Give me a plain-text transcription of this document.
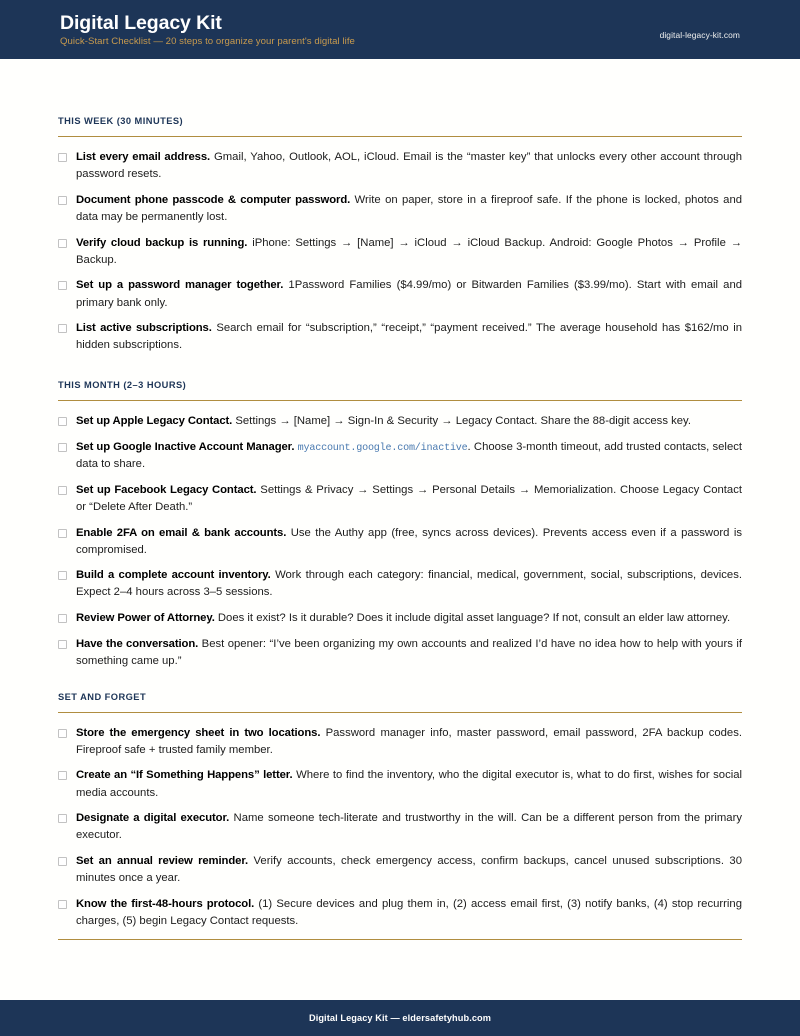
Digital Legacy Kit
Quick-Start Checklist — 20 steps to organize your parent's digital life
digital-legacy-kit.com
THIS WEEK (30 MINUTES)
List every email address. Gmail, Yahoo, Outlook, AOL, iCloud. Email is the “master key” that unlocks every other account through password resets.
Document phone passcode & computer password. Write on paper, store in a fireproof safe. If the phone is locked, photos and data may be permanently lost.
Verify cloud backup is running. iPhone: Settings → [Name] → iCloud → iCloud Backup. Android: Google Photos → Profile → Backup.
Set up a password manager together. 1Password Families ($4.99/mo) or Bitwarden Families ($3.99/mo). Start with email and primary bank only.
List active subscriptions. Search email for “subscription,” “receipt,” “payment received.” The average household has $162/mo in hidden subscriptions.
THIS MONTH (2–3 HOURS)
Set up Apple Legacy Contact. Settings → [Name] → Sign-In & Security → Legacy Contact. Share the 88-digit access key.
Set up Google Inactive Account Manager. myaccount.google.com/inactive. Choose 3-month timeout, add trusted contacts, select data to share.
Set up Facebook Legacy Contact. Settings & Privacy → Settings → Personal Details → Memorialization. Choose Legacy Contact or “Delete After Death.”
Enable 2FA on email & bank accounts. Use the Authy app (free, syncs across devices). Prevents access even if a password is compromised.
Build a complete account inventory. Work through each category: financial, medical, government, social, subscriptions, devices. Expect 2–4 hours across 3–5 sessions.
Review Power of Attorney. Does it exist? Is it durable? Does it include digital asset language? If not, consult an elder law attorney.
Have the conversation. Best opener: “I’ve been organizing my own accounts and realized I’d have no idea how to help with yours if something came up.”
SET AND FORGET
Store the emergency sheet in two locations. Password manager info, master password, email password, 2FA backup codes. Fireproof safe + trusted family member.
Create an “If Something Happens” letter. Where to find the inventory, who the digital executor is, what to do first, wishes for social media accounts.
Designate a digital executor. Name someone tech-literate and trustworthy in the will. Can be a different person from the primary executor.
Set an annual review reminder. Verify accounts, check emergency access, confirm backups, cancel unused subscriptions. 30 minutes once a year.
Know the first-48-hours protocol. (1) Secure devices and plug them in, (2) access email first, (3) notify banks, (4) stop recurring charges, (5) begin Legacy Contact requests.
Digital Legacy Kit — eldersafetyhub.com
